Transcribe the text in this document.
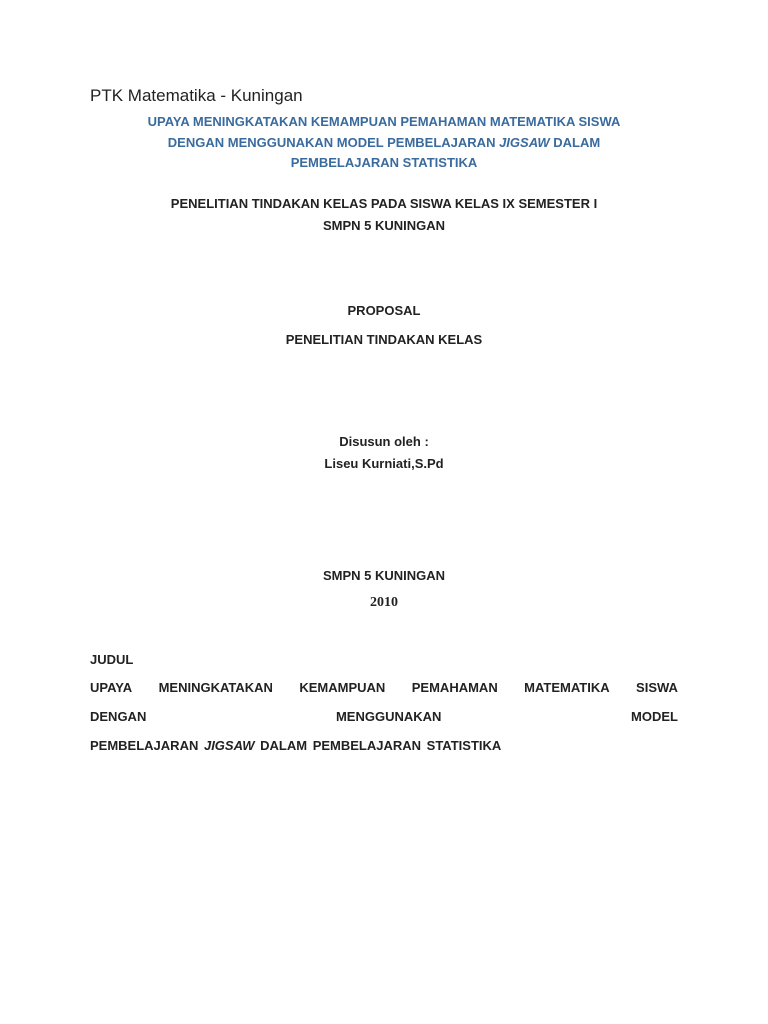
PTK Matematika - Kuningan
UPAYA MENINGKATAKAN KEMAMPUAN PEMAHAMAN MATEMATIKA SISWA
DENGAN MENGGUNAKAN MODEL PEMBELAJARAN JIGSAW DALAM
PEMBELAJARAN STATISTIKA
PENELITIAN TINDAKAN KELAS PADA SISWA KELAS IX SEMESTER I
SMPN 5 KUNINGAN
PROPOSAL
PENELITIAN TINDAKAN KELAS
Disusun oleh :
Liseu Kurniati,S.Pd
SMPN 5 KUNINGAN
2010
JUDUL
UPAYA MENINGKATAKAN KEMAMPUAN PEMAHAMAN MATEMATIKA SISWA
DENGAN	MENGGUNAKAN	MODEL
PEMBELAJARAN JIGSAW DALAM PEMBELAJARAN STATISTIKA
